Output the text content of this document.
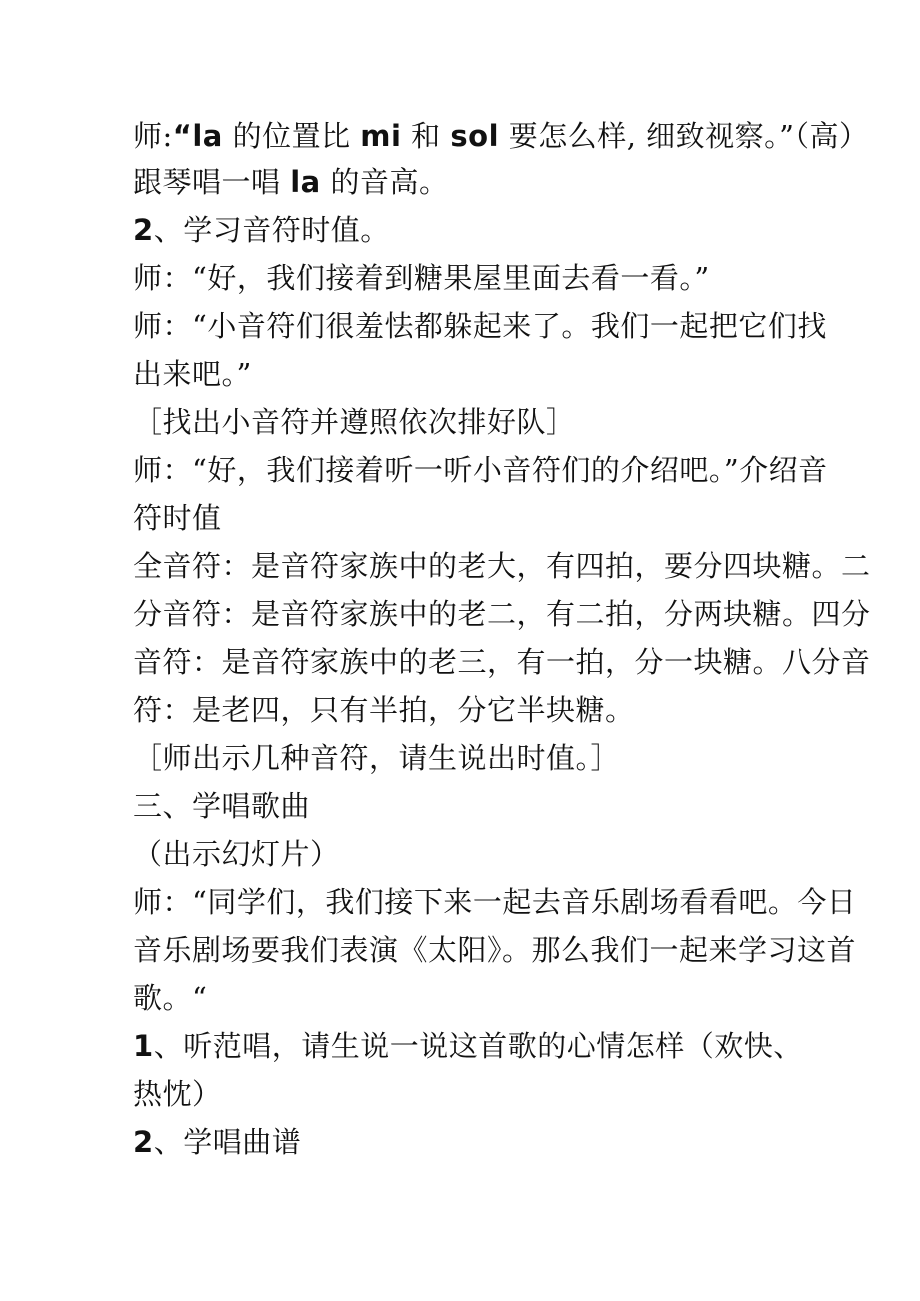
师:“la 的位置比 mi 和 sol 要怎么样, 细致视察。”（高）
跟琴唱一唱 la 的音高。
2、学习音符时值。
师：“好，我们接着到糖果屋里面去看一看。”
师：“小音符们很羞怯都躲起来了。我们一起把它们找
出来吧。”
［找出小音符并遵照依次排好队］
师：“好，我们接着听一听小音符们的介绍吧。”介绍音
符时值
全音符：是音符家族中的老大，有四拍，要分四块糖。二
分音符：是音符家族中的老二，有二拍，分两块糖。四分
音符：是音符家族中的老三，有一拍，分一块糖。八分音
符：是老四，只有半拍，分它半块糖。
［师出示几种音符，请生说出时值。］
三、学唱歌曲
（出示幻灯片）
师：“同学们，我们接下来一起去音乐剧场看看吧。今日
音乐剧场要我们表演《太阳》。那么我们一起来学习这首
歌。“
1、听范唱，请生说一说这首歌的心情怎样（欢快、
热忱）
2、学唱曲谱
